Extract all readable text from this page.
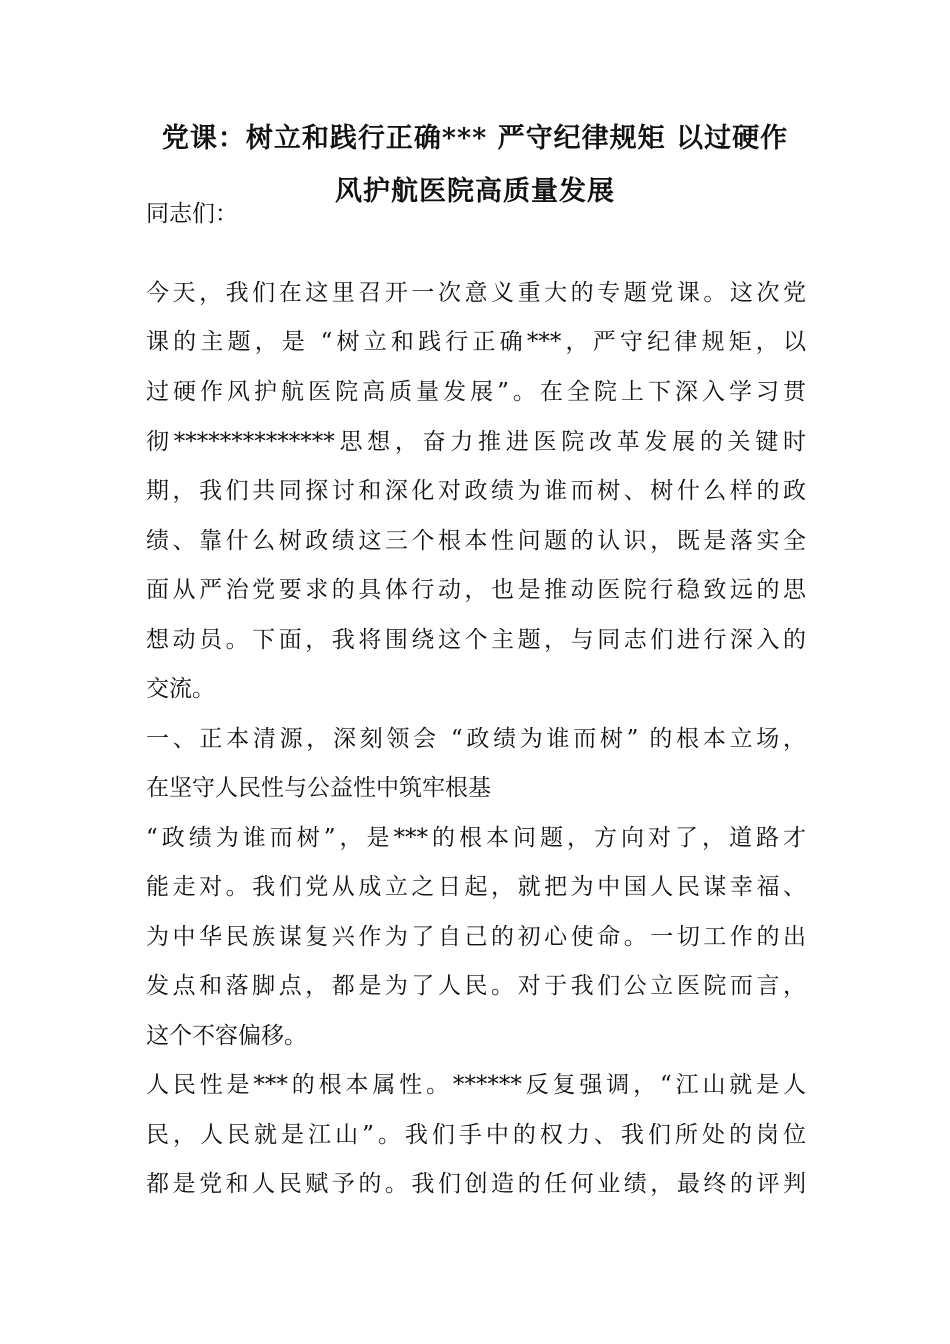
党课：树立和践行正确*** 严守纪律规矩 以过硬作
风护航医院高质量发展
同志们：
今天，我们在这里召开一次意义重大的专题党课。这次党
课的主题，是 “树立和践行正确***，严守纪律规矩，以
过硬作风护航医院高质量发展”。在全院上下深入学习贯
彻**************思想，奋力推进医院改革发展的关键时
期，我们共同探讨和深化对政绩为谁而树、树什么样的政
绩、靠什么树政绩这三个根本性问题的认识，既是落实全
面从严治党要求的具体行动，也是推动医院行稳致远的思
想动员。下面，我将围绕这个主题，与同志们进行深入的
交流。
一、正本清源，深刻领会 “政绩为谁而树” 的根本立场，
在坚守人民性与公益性中筑牢根基
“政绩为谁而树”，是***的根本问题，方向对了，道路才
能走对。我们党从成立之日起，就把为中国人民谋幸福、
为中华民族谋复兴作为了自己的初心使命。一切工作的出
发点和落脚点，都是为了人民。对于我们公立医院而言，
这个不容偏移。
人民性是***的根本属性。******反复强调，“江山就是人
民，人民就是江山”。我们手中的权力、我们所处的岗位
都是党和人民赋予的。我们创造的任何业绩，最终的评判
